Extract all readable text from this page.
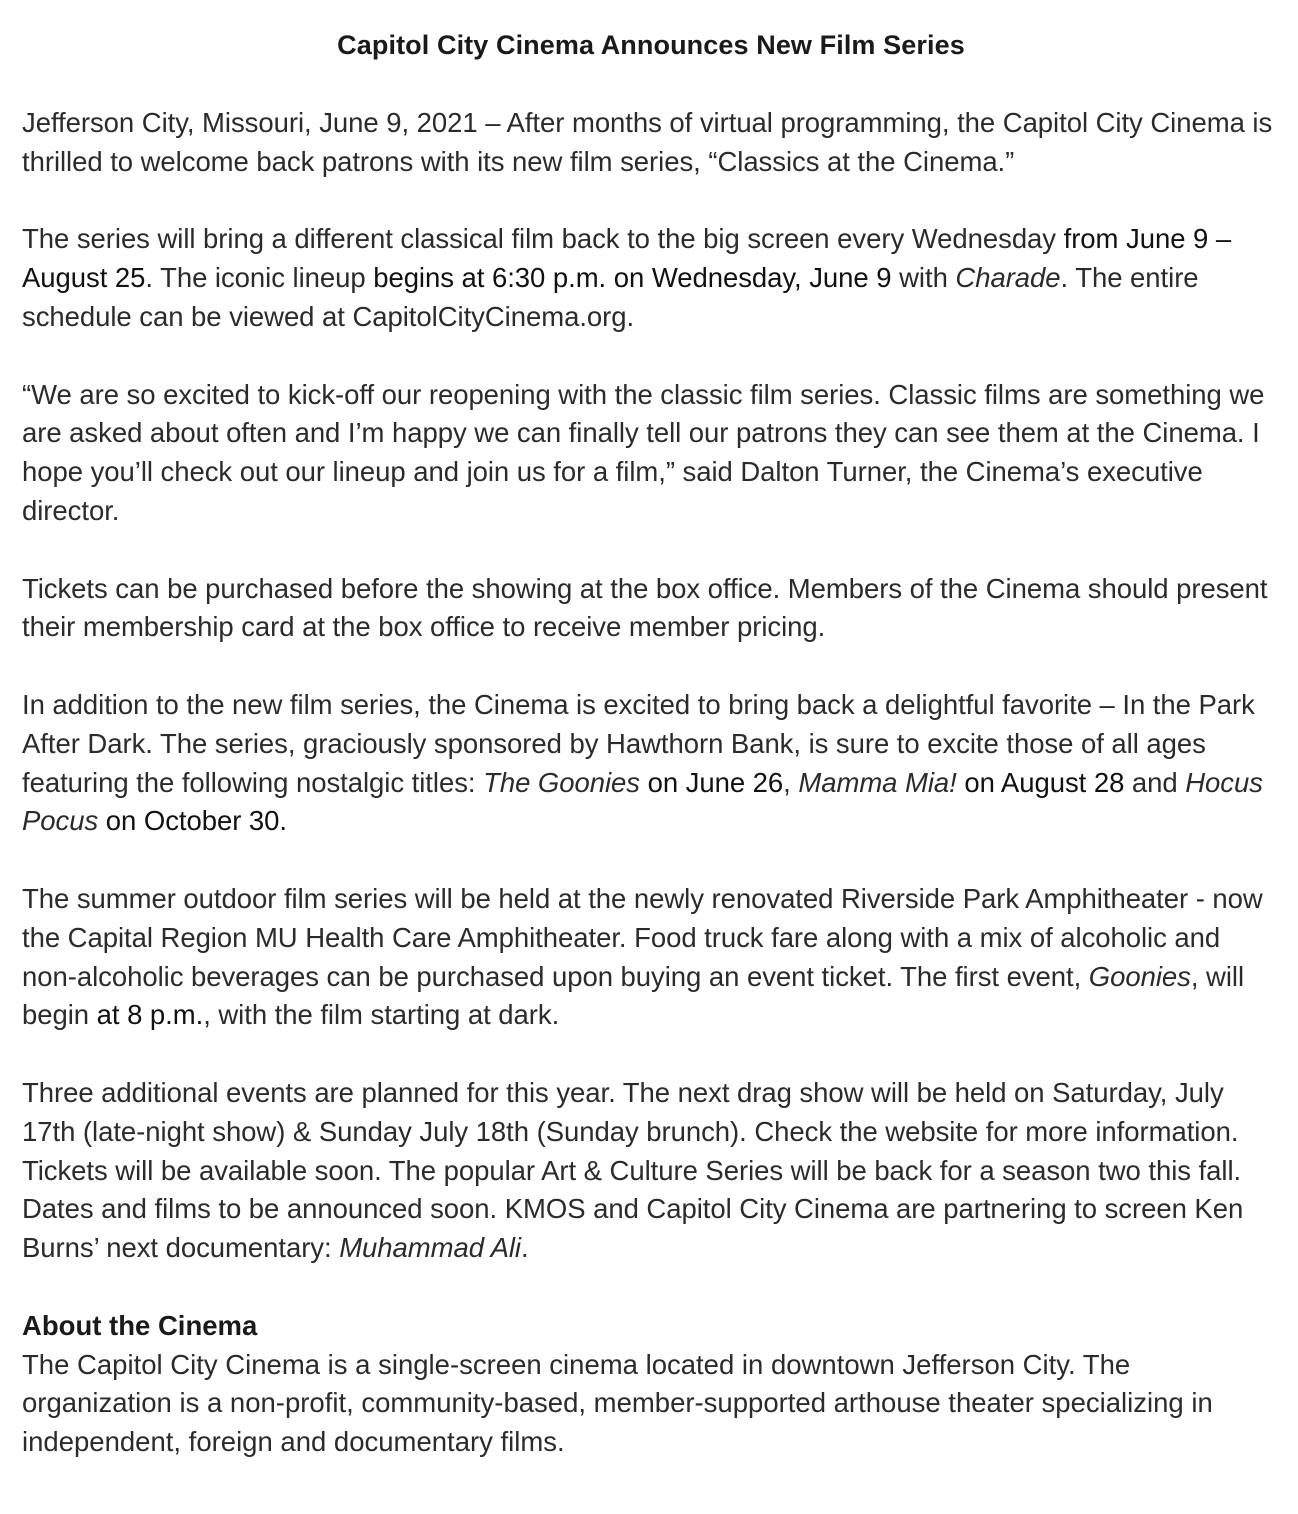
Capitol City Cinema Announces New Film Series

Jefferson City, Missouri, June 9, 2021 – After months of virtual programming, the Capitol City Cinema is thrilled to welcome back patrons with its new film series, “Classics at the Cinema.”

The series will bring a different classical film back to the big screen every Wednesday from June 9 – August 25. The iconic lineup begins at 6:30 p.m. on Wednesday, June 9 with Charade. The entire schedule can be viewed at CapitolCityCinema.org.

“We are so excited to kick-off our reopening with the classic film series. Classic films are something we are asked about often and I’m happy we can finally tell our patrons they can see them at the Cinema. I hope you’ll check out our lineup and join us for a film,” said Dalton Turner, the Cinema’s executive director.

Tickets can be purchased before the showing at the box office. Members of the Cinema should present their membership card at the box office to receive member pricing.

In addition to the new film series, the Cinema is excited to bring back a delightful favorite – In the Park After Dark. The series, graciously sponsored by Hawthorn Bank, is sure to excite those of all ages featuring the following nostalgic titles: The Goonies on June 26, Mamma Mia! on August 28 and Hocus Pocus on October 30.

The summer outdoor film series will be held at the newly renovated Riverside Park Amphitheater - now the Capital Region MU Health Care Amphitheater. Food truck fare along with a mix of alcoholic and non-alcoholic beverages can be purchased upon buying an event ticket. The first event, Goonies, will begin at 8 p.m., with the film starting at dark.

Three additional events are planned for this year. The next drag show will be held on Saturday, July 17th (late-night show) & Sunday July 18th (Sunday brunch). Check the website for more information. Tickets will be available soon. The popular Art & Culture Series will be back for a season two this fall. Dates and films to be announced soon. KMOS and Capitol City Cinema are partnering to screen Ken Burns’ next documentary: Muhammad Ali.

About the Cinema
The Capitol City Cinema is a single-screen cinema located in downtown Jefferson City. The organization is a non-profit, community-based, member-supported arthouse theater specializing in independent, foreign and documentary films.
